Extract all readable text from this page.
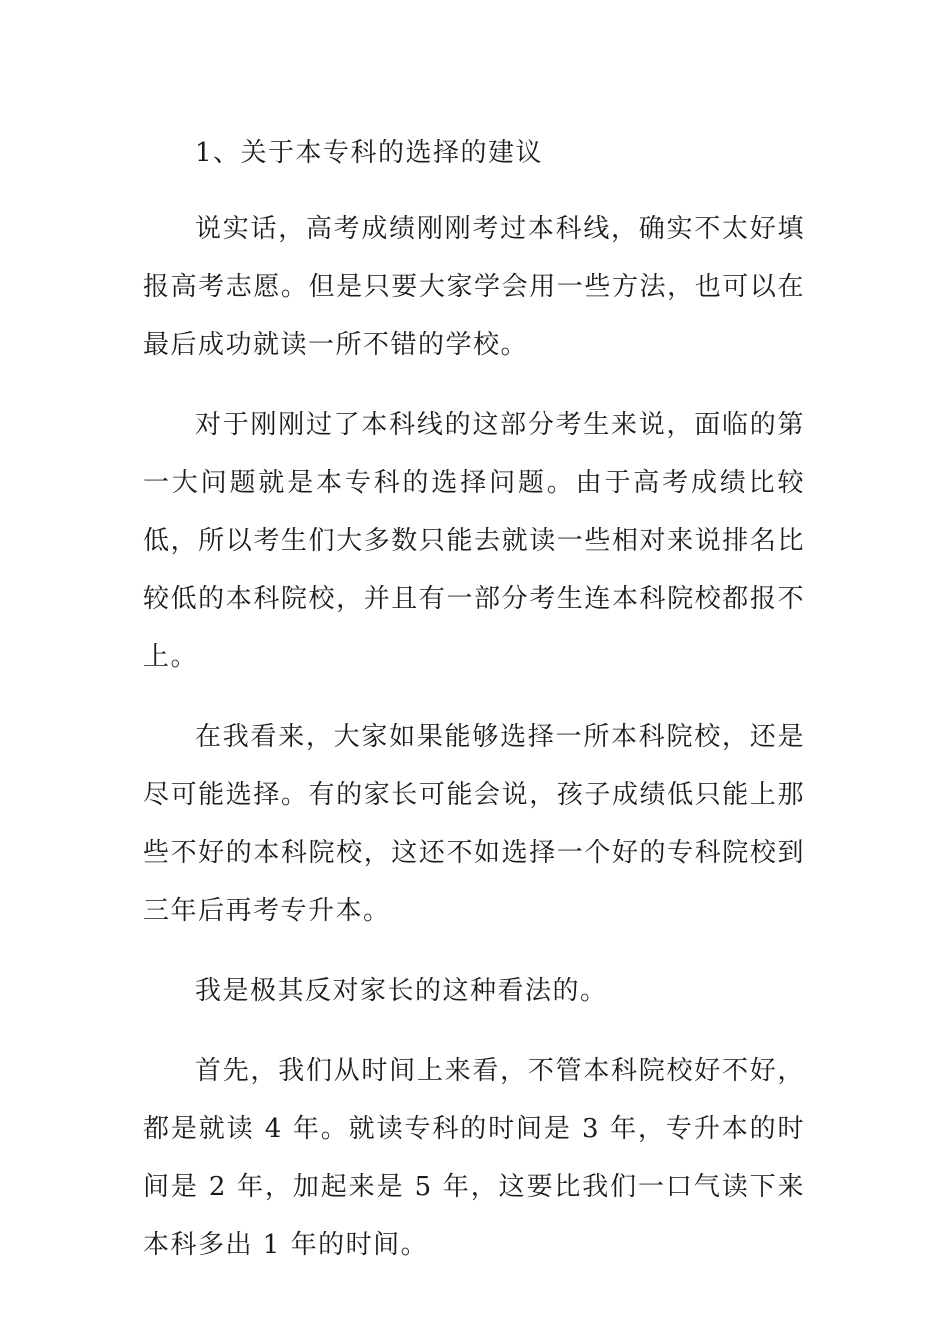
1、关于本专科的选择的建议

说实话，高考成绩刚刚考过本科线，确实不太好填报高考志愿。但是只要大家学会用一些方法，也可以在最后成功就读一所不错的学校。

对于刚刚过了本科线的这部分考生来说，面临的第一大问题就是本专科的选择问题。由于高考成绩比较低，所以考生们大多数只能去就读一些相对来说排名比较低的本科院校，并且有一部分考生连本科院校都报不上。

在我看来，大家如果能够选择一所本科院校，还是尽可能选择。有的家长可能会说，孩子成绩低只能上那些不好的本科院校，这还不如选择一个好的专科院校到三年后再考专升本。

我是极其反对家长的这种看法的。

首先，我们从时间上来看，不管本科院校好不好，都是就读 4 年。就读专科的时间是 3 年，专升本的时间是 2 年，加起来是 5 年，这要比我们一口气读下来本科多出 1 年的时间。
